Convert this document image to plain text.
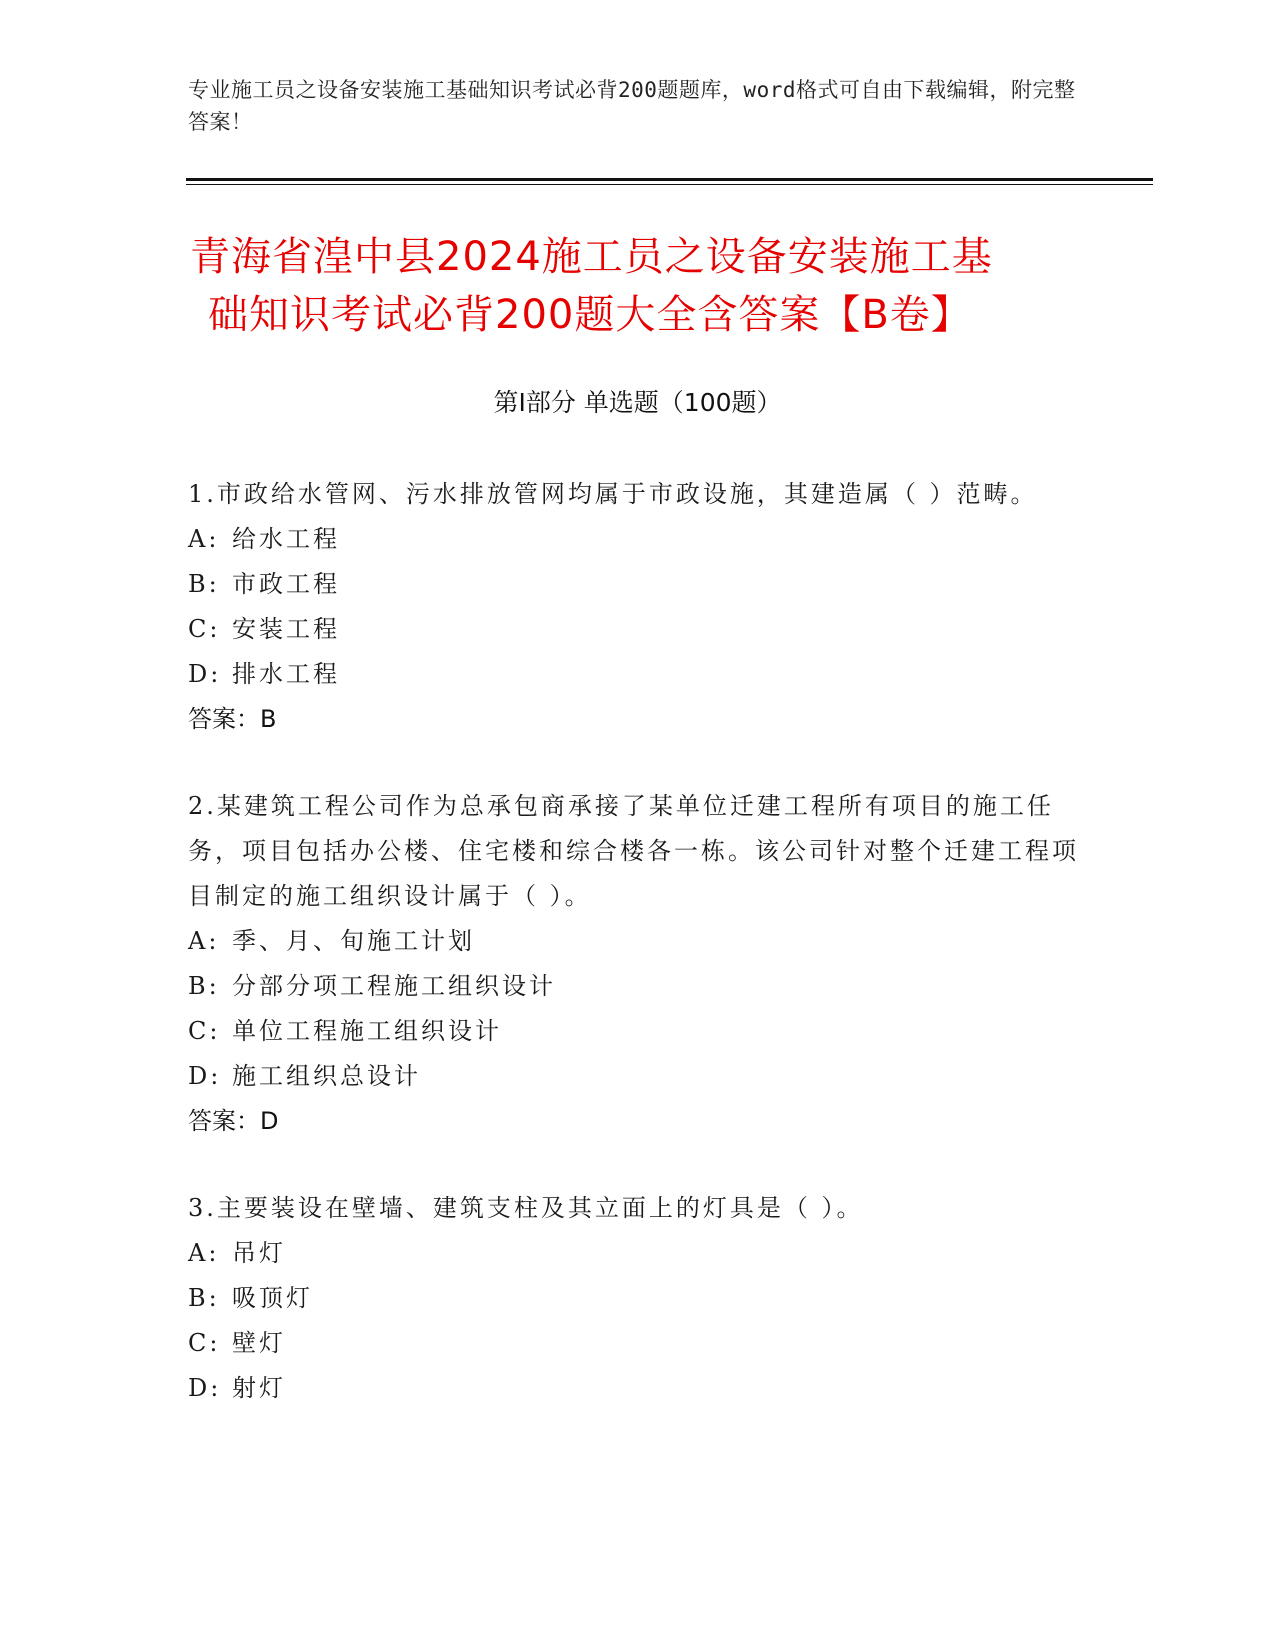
专业施工员之设备安装施工基础知识考试必背200题题库，word格式可自由下载编辑，附完整答案！
青海省湟中县2024施工员之设备安装施工基
础知识考试必背200题大全含答案【B卷】
第Ⅰ部分 单选题（100题）

1.市政给水管网、污水排放管网均属于市政设施，其建造属（ ）范畴。

A: 给水工程
B: 市政工程
C: 安装工程
D: 排水工程
答案：B

2.某建筑工程公司作为总承包商承接了某单位迁建工程所有项目的施工任务，项目包括办公楼、住宅楼和综合楼各一栋。该公司针对整个迁建工程项目制定的施工组织设计属于（ ）。

A: 季、月、旬施工计划
B: 分部分项工程施工组织设计
C: 单位工程施工组织设计
D: 施工组织总设计
答案：D

3.主要装设在壁墙、建筑支柱及其立面上的灯具是（ ）。

A: 吊灯
B: 吸顶灯
C: 壁灯
D: 射灯
